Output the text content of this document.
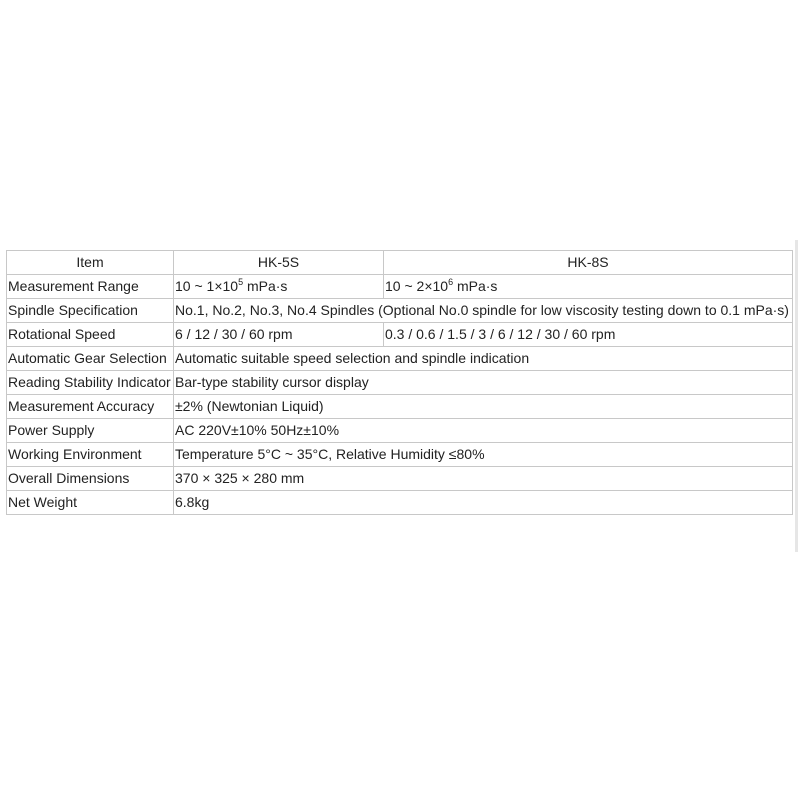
Item	HK-5S	HK-8S
Measurement Range	10 ~ $1\times 10^5$ mPa·s	10 ~ $2\times 10^6$ mPa·s
Spindle Specification	No.1, No.2, No.3, No.4 Spindles (Optional No.0 spindle for low viscosity testing down to 0.1 mPa·s)	
Rotational Speed	6 / 12 / 30 / 60 rpm	0.3 / 0.6 / 1.5 / 3 / 6 / 12 / 30 / 60 rpm
Automatic Gear Selection	Automatic suitable speed selection and spindle indication	
Reading Stability Indicator	Bar-type stability cursor display	
Measurement Accuracy	±2% (Newtonian Liquid)	
Power Supply	AC 220V±10% 50Hz±10%	
Working Environment	Temperature 5°C ~ 35°C, Relative Humidity ≤80%	
Overall Dimensions	370 × 325 × 280 mm	
Net Weight	6.8kg	
